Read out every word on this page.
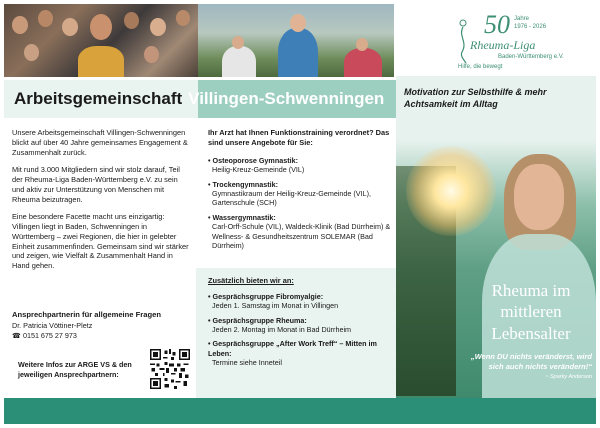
50 Jahre
1976 - 2026
Rheuma-Liga
Baden-Württemberg e.V.
Hilfe, die bewegt
Arbeitsgemeinschaft Villingen-Schwenningen Motivation zur Selbsthilfe & mehr Achtsamkeit im Alltag
Rheuma im
mittleren
Lebensalter
„Wenn DU nichts veränderst, wird sich auch nichts verändern!“
~ Sparky Anderson

Unsere Arbeitsgemeinschaft Villingen-Schwenningen blickt auf über 40 Jahre gemeinsames Engagement & Zusammenhalt zurück.

Mit rund 3.000 Mitgliedern sind wir stolz darauf, Teil der Rheuma-Liga Baden-Württemberg e.V. zu sein und aktiv zur Unterstützung von Menschen mit Rheuma beizutragen.

Eine besondere Facette macht uns einzigartig: Villingen liegt in Baden, Schwenningen in Württemberg – zwei Regionen, die hier in gelebter Einheit zusammenfinden. Gemeinsam sind wir stärker und zeigen, wie Vielfalt & Zusammenhalt Hand in Hand gehen.

Ansprechpartnerin für allgemeine Fragen
Dr. Patricia Vöttiner-Pletz
☎ 0151 675 27 973
Weitere Infos zur ARGE VS & den jeweiligen Ansprechpartnern:
Ihr Arzt hat Ihnen Funktionstraining verordnet? Das sind unsere Angebote für Sie:
• Osteoporose Gymnastik:
Heilig-Kreuz-Gemeinde (VIL)
• Trockengymnastik:
Gymnastikraum der Heilig-Kreuz-Gemeinde (VIL), Gartenschule (SCH)
• Wassergymnastik:
Carl-Orff-Schule (VIL), Waldeck-Klinik (Bad Dürrheim) & Wellness- & Gesundheitszentrum SOLEMAR (Bad Dürrheim)
Zusätzlich bieten wir an:
• Gesprächsgruppe Fibromyalgie:
Jeden 1. Samstag im Monat in Villingen
• Gesprächsgruppe Rheuma:
Jeden 2. Montag im Monat in Bad Dürrheim
• Gesprächsgruppe „After Work Treff“ – Mitten im Leben:
Termine siehe Inneteil
